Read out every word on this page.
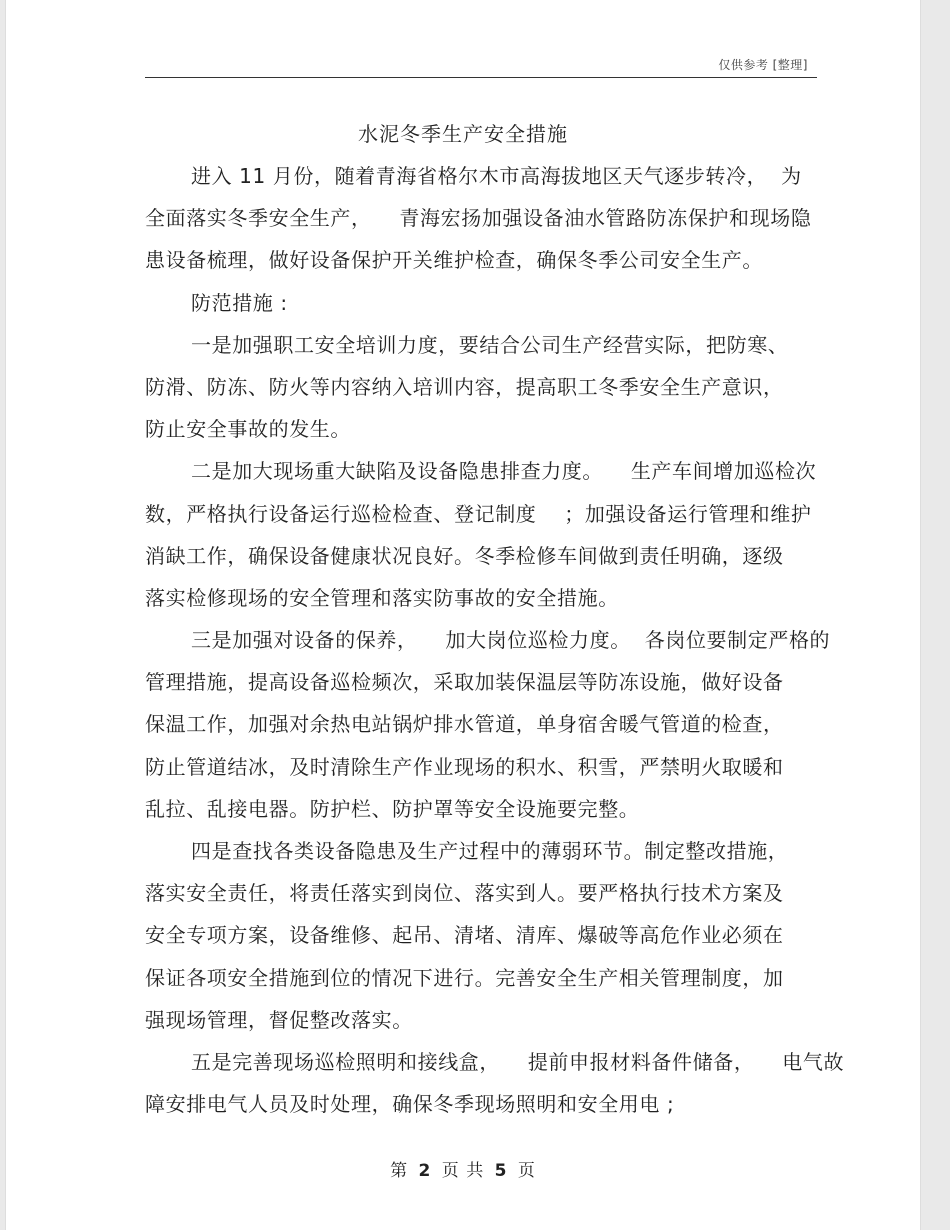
仅供参考 [整理]
水泥冬季生产安全措施
进入 11 月份，随着青海省格尔木市高海拔地区天气逐步转冷，  为
全面落实冬季安全生产，    青海宏扬加强设备油水管路防冻保护和现场隐
患设备梳理，做好设备保护开关维护检查，确保冬季公司安全生产。
防范措施 :
一是加强职工安全培训力度，要结合公司生产经营实际，把防寒、
防滑、防冻、防火等内容纳入培训内容，提高职工冬季安全生产意识，
防止安全事故的发生。
二是加大现场重大缺陷及设备隐患排查力度。    生产车间增加巡检次
数，严格执行设备运行巡检检查、登记制度    ；加强设备运行管理和维护
消缺工作，确保设备健康状况良好。冬季检修车间做到责任明确，逐级
落实检修现场的安全管理和落实防事故的安全措施。
三是加强对设备的保养，    加大岗位巡检力度。  各岗位要制定严格的
管理措施，提高设备巡检频次，采取加装保温层等防冻设施，做好设备
保温工作，加强对余热电站锅炉排水管道，单身宿舍暖气管道的检查，
防止管道结冰，及时清除生产作业现场的积水、积雪，严禁明火取暖和
乱拉、乱接电器。防护栏、防护罩等安全设施要完整。
四是查找各类设备隐患及生产过程中的薄弱环节。制定整改措施，
落实安全责任，将责任落实到岗位、落实到人。要严格执行技术方案及
安全专项方案，设备维修、起吊、清堵、清库、爆破等高危作业必须在
保证各项安全措施到位的情况下进行。完善安全生产相关管理制度，加
强现场管理，督促整改落实。
五是完善现场巡检照明和接线盒，    提前申报材料备件储备，    电气故
障安排电气人员及时处理，确保冬季现场照明和安全用电 ;
第 2 页 共 5 页
